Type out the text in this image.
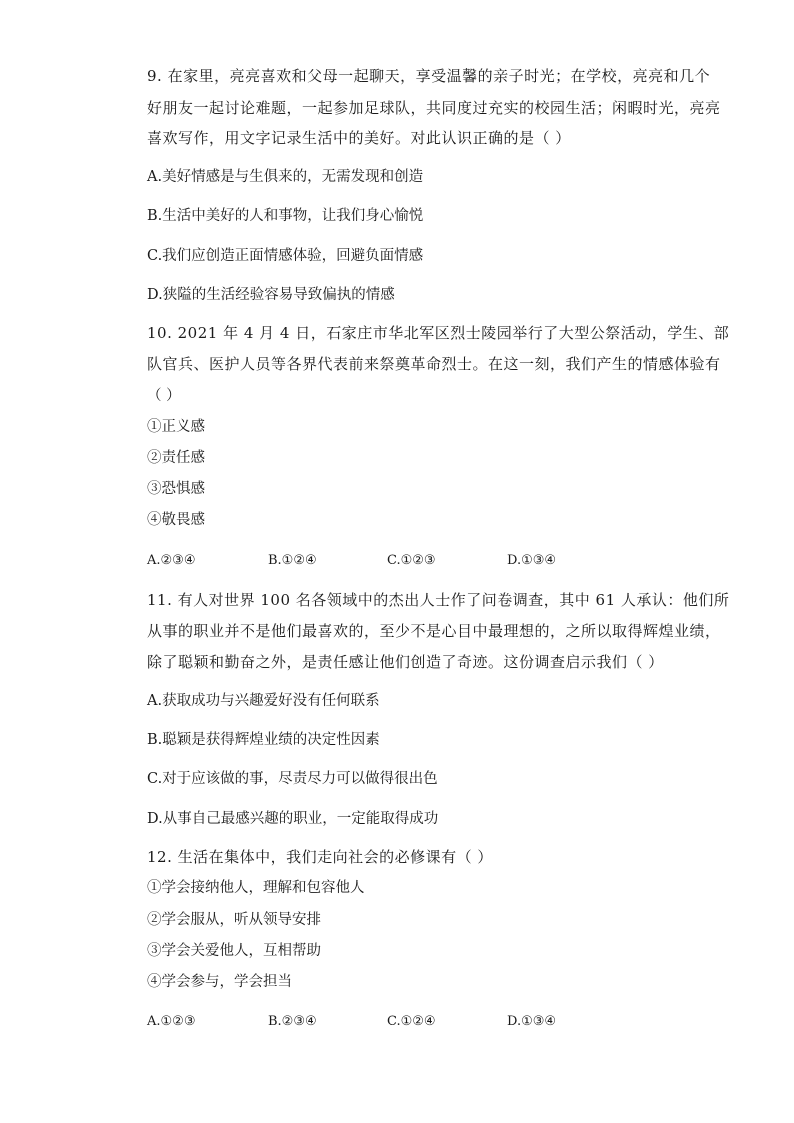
9. 在家里，亮亮喜欢和父母一起聊天，享受温馨的亲子时光；在学校，亮亮和几个
好朋友一起讨论难题，一起参加足球队，共同度过充实的校园生活；闲暇时光，亮亮
喜欢写作，用文字记录生活中的美好。对此认识正确的是（ ）
A.美好情感是与生俱来的，无需发现和创造
B.生活中美好的人和事物，让我们身心愉悦
C.我们应创造正面情感体验，回避负面情感
D.狭隘的生活经验容易导致偏执的情感
10. 2021 年 4 月 4 日，石家庄市华北军区烈士陵园举行了大型公祭活动，学生、部
队官兵、医护人员等各界代表前来祭奠革命烈士。在这一刻，我们产生的情感体验有
（ ）
①正义感
②责任感
③恐惧感
④敬畏感
A.②③④	B.①②④	C.①②③	D.①③④
11. 有人对世界 100 名各领域中的杰出人士作了问卷调查，其中 61 人承认：他们所
从事的职业并不是他们最喜欢的，至少不是心目中最理想的，之所以取得辉煌业绩，
除了聪颖和勤奋之外，是责任感让他们创造了奇迹。这份调查启示我们（ ）
A.获取成功与兴趣爱好没有任何联系
B.聪颖是获得辉煌业绩的决定性因素
C.对于应该做的事，尽责尽力可以做得很出色
D.从事自己最感兴趣的职业，一定能取得成功
12. 生活在集体中，我们走向社会的必修课有（ ）
①学会接纳他人，理解和包容他人
②学会服从，听从领导安排
③学会关爱他人，互相帮助
④学会参与，学会担当
A.①②③	B.②③④	C.①②④	D.①③④
